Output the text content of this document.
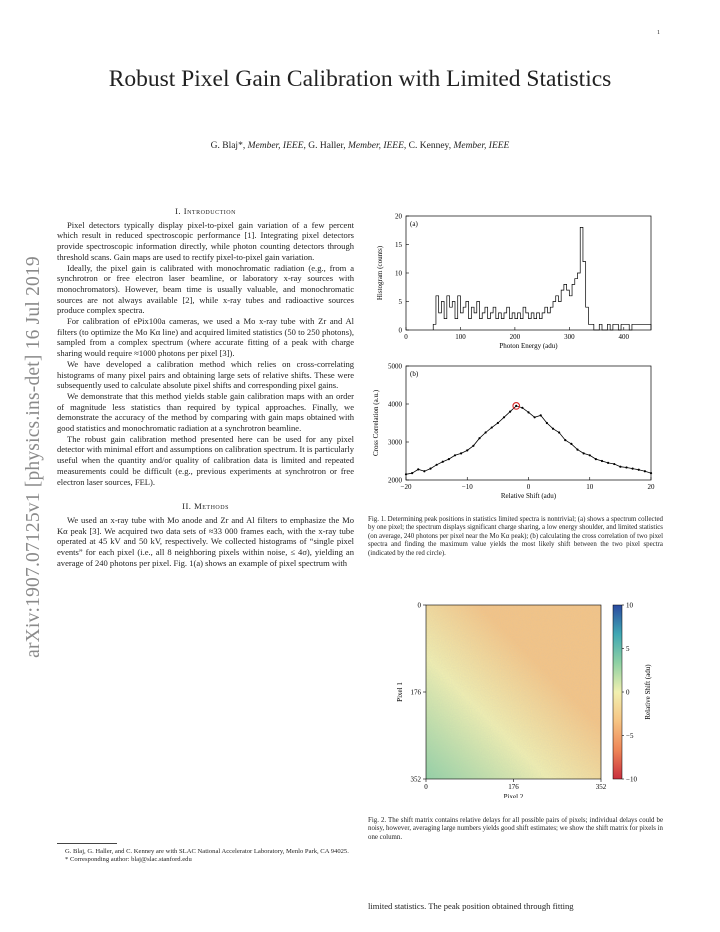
1
Robust Pixel Gain Calibration with Limited Statistics
G. Blaj*, Member, IEEE, G. Haller, Member, IEEE, C. Kenney, Member, IEEE
arXiv:1907.07125v1 [physics.ins-det] 16 Jul 2019

I. Introduction

Pixel detectors typically display pixel-to-pixel gain variation of a few percent which result in reduced spectroscopic performance [1]. Integrating pixel detectors provide spectroscopic information directly, while photon counting detectors through threshold scans. Gain maps are used to rectify pixel-to-pixel gain variation.

Ideally, the pixel gain is calibrated with monochromatic radiation (e.g., from a synchrotron or free electron laser beamline, or laboratory x-ray sources with monochromators). However, beam time is usually valuable, and monochromatic sources are not always available [2], while x-ray tubes and radioactive sources produce complex spectra.

For calibration of ePix100a cameras, we used a Mo x-ray tube with Zr and Al filters (to optimize the Mo Kα line) and acquired limited statistics (50 to 250 photons), sampled from a complex spectrum (where accurate fitting of a peak with charge sharing would require ≈1000 photons per pixel [3]).

We have developed a calibration method which relies on cross-correlating histograms of many pixel pairs and obtaining large sets of relative shifts. These were subsequently used to calculate absolute pixel shifts and corresponding pixel gains.

We demonstrate that this method yields stable gain calibration maps with an order of magnitude less statistics than required by typical approaches. Finally, we demonstrate the accuracy of the method by comparing with gain maps obtained with good statistics and monochromatic radiation at a synchrotron beamline.

The robust gain calibration method presented here can be used for any pixel detector with minimal effort and assumptions on calibration spectrum. It is particularly useful when the quantity and/or quality of calibration data is limited and repeated measurements could be difficult (e.g., previous experiments at synchrotron or free electron laser sources, FEL).

II. Methods

We used an x-ray tube with Mo anode and Zr and Al filters to emphasize the Mo Kα peak [3]. We acquired two data sets of ≈33 000 frames each, with the x-ray tube operated at 45 kV and 50 kV, respectively. We collected histograms of “single pixel events” for each pixel (i.e., all 8 neighboring pixels within noise, ≤ 4σ), yielding an average of 240 photons per pixel. Fig. 1(a) shows an example of pixel spectrum with

G. Blaj, G. Haller, and C. Kenney are with SLAC National Accelerator Laboratory, Menlo Park, CA 94025.

* Corresponding author: blaj@slac.stanford.edu

0	100	200	300	400
0
5
10
15
20
Photon Energy (adu)
Histogram (counts)
(a)
−20	−10	0	10	20
2000
3000
4000
5000
Relative Shift (adu)
Cross Correlation (a.u.)
(b)
Fig. 1. Determining peak positions in statistics limited spectra is nontrivial; (a) shows a spectrum collected by one pixel; the spectrum displays significant charge sharing, a low energy shoulder, and limited statistics (on average, 240 photons per pixel near the Mo Kα peak); (b) calculating the cross correlation of two pixel spectra and finding the maximum value yields the most likely shift between the two pixel spectra (indicated by the red circle).
0	176	352
0
176
352
Pixel 2
Pixel 1
10
5
0
−5
−10
Relative Shift (adu)
Fig. 2. The shift matrix contains relative delays for all possible pairs of pixels; individual delays could be noisy, however, averaging large numbers yields good shift estimates; we show the shift matrix for pixels in one column.
limited statistics. The peak position obtained through fitting
